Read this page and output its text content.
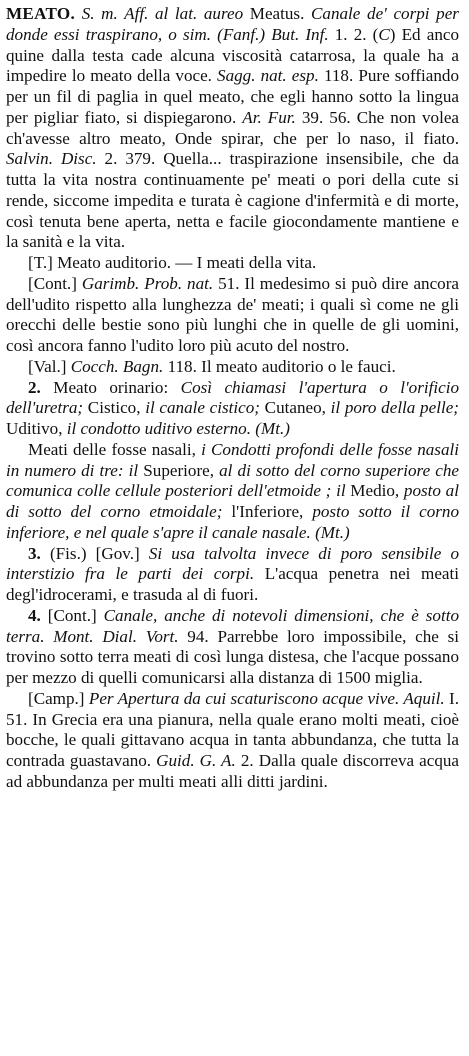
MEATO. S. m. Aff. al lat. aureo Meatus. Canale de' corpi per donde essi traspirano, o sim. (Fanf.) But. Inf. 1. 2. (C) Ed anco quine dalla testa cade alcuna viscosità catarrosa, la quale ha a impedire lo meato della voce. Sagg. nat. esp. 118. Pure soffiando per un fil di paglia in quel meato, che egli hanno sotto la lingua per pigliar fiato, si dispiegarono. Ar. Fur. 39. 56. Che non volea ch'avesse altro meato, Onde spirar, che per lo naso, il fiato. Salvin. Disc. 2. 379. Quella... traspirazione insensibile, che da tutta la vita nostra continuamente pe' meati o pori della cute si rende, siccome impedita e turata è cagione d'infermità e di morte, così tenuta bene aperta, netta e facile giocondamente mantiene e la sanità e la vita.

[T.] Meato auditorio. — I meati della vita.

[Cont.] Garimb. Prob. nat. 51. Il medesimo si può dire ancora dell'udito rispetto alla lunghezza de' meati; i quali sì come ne gli orecchi delle bestie sono più lunghi che in quelle de gli uomini, così ancora fanno l'udito loro più acuto del nostro.

[Val.] Cocch. Bagn. 118. Il meato auditorio o le fauci.

2. Meato orinario: Così chiamasi l'apertura o l'orificio dell'uretra; Cistico, il canale cistico; Cutaneo, il poro della pelle; Uditivo, il condotto uditivo esterno. (Mt.)

Meati delle fosse nasali, i Condotti profondi delle fosse nasali in numero di tre: il Superiore, al di sotto del corno superiore che comunica colle cellule posteriori dell'etmoide ; il Medio, posto al di sotto del corno etmoidale; l'Inferiore, posto sotto il corno inferiore, e nel quale s'apre il canale nasale. (Mt.)

3. (Fis.) [Gov.] Si usa talvolta invece di poro sensibile o interstizio fra le parti dei corpi. L'acqua penetra nei meati degl'idrocerami, e trasuda al di fuori.

4. [Cont.] Canale, anche di notevoli dimensioni, che è sotto terra. Mont. Dial. Vort. 94. Parrebbe loro impossibile, che si trovino sotto terra meati di così lunga distesa, che l'acque possano per mezzo di quelli comunicarsi alla distanza di 1500 miglia.

[Camp.] Per Apertura da cui scaturiscono acque vive. Aquil. I. 51. In Grecia era una pianura, nella quale erano molti meati, cioè bocche, le quali gittavano acqua in tanta abbundanza, che tutta la contrada guastavano. Guid. G. A. 2. Dalla quale discorreva acqua ad abbundanza per multi meati alli ditti jardini.
